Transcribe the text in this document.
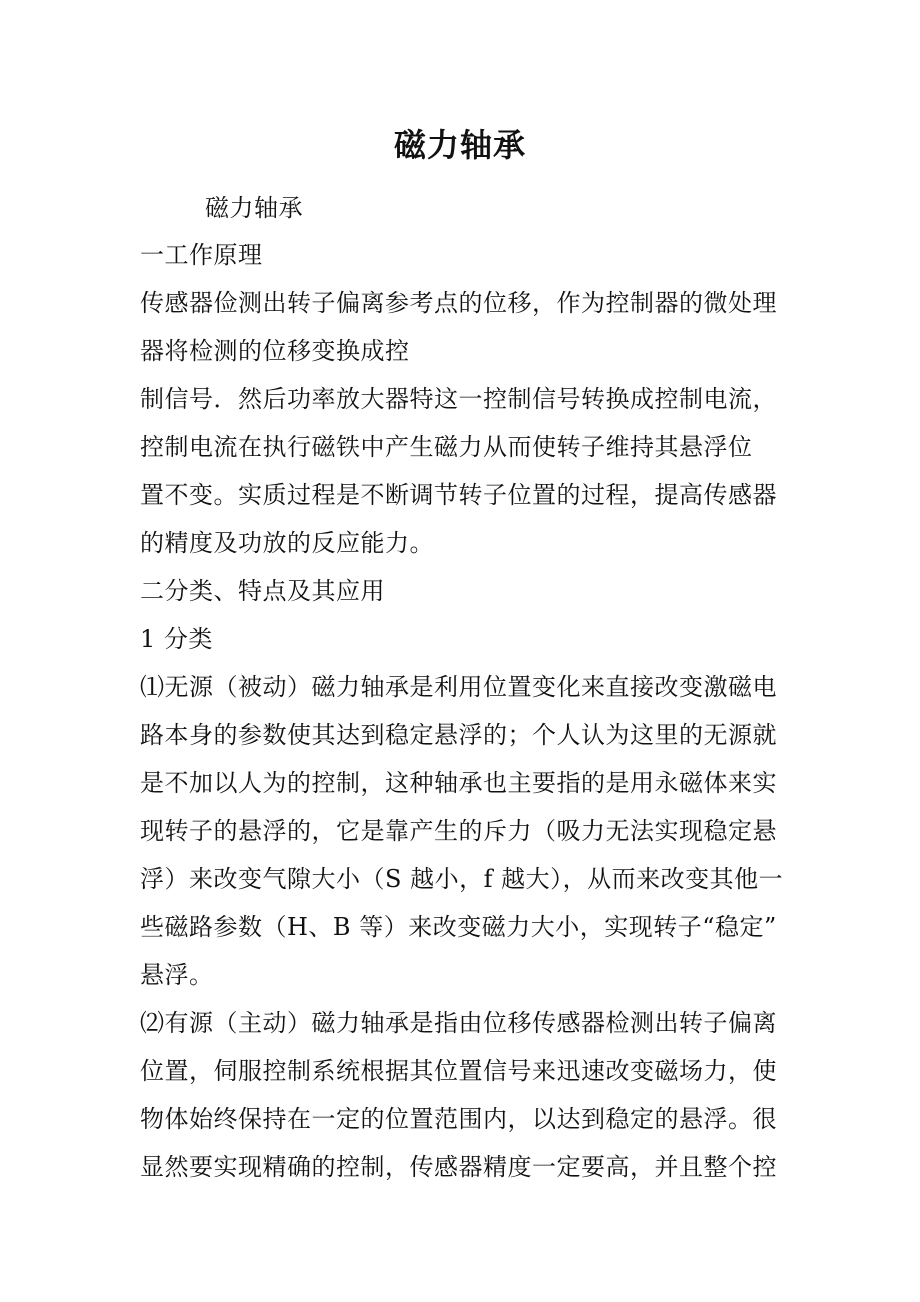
磁力轴承
磁力轴承
一工作原理
传感器俭测出转子偏离参考点的位移，作为控制器的微处理
器将检测的位移变换成控
制信号．然后功率放大器特这一控制信号转换成控制电流，
控制电流在执行磁铁中产生磁力从而使转子维持其悬浮位
置不变。实质过程是不断调节转子位置的过程，提高传感器
的精度及功放的反应能力。
二分类、特点及其应用
1 分类
⑴无源（被动）磁力轴承是利用位置变化来直接改变激磁电
路本身的参数使其达到稳定悬浮的；个人认为这里的无源就
是不加以人为的控制，这种轴承也主要指的是用永磁体来实
现转子的悬浮的，它是靠产生的斥力（吸力无法实现稳定悬
浮）来改变气隙大小（S 越小，f 越大），从而来改变其他一
些磁路参数（H、B 等）来改变磁力大小，实现转子“稳定”
悬浮。
⑵有源（主动）磁力轴承是指由位移传感器检测出转子偏离
位置，伺服控制系统根据其位置信号来迅速改变磁场力，使
物体始终保持在一定的位置范围内，以达到稳定的悬浮。很
显然要实现精确的控制，传感器精度一定要高，并且整个控
